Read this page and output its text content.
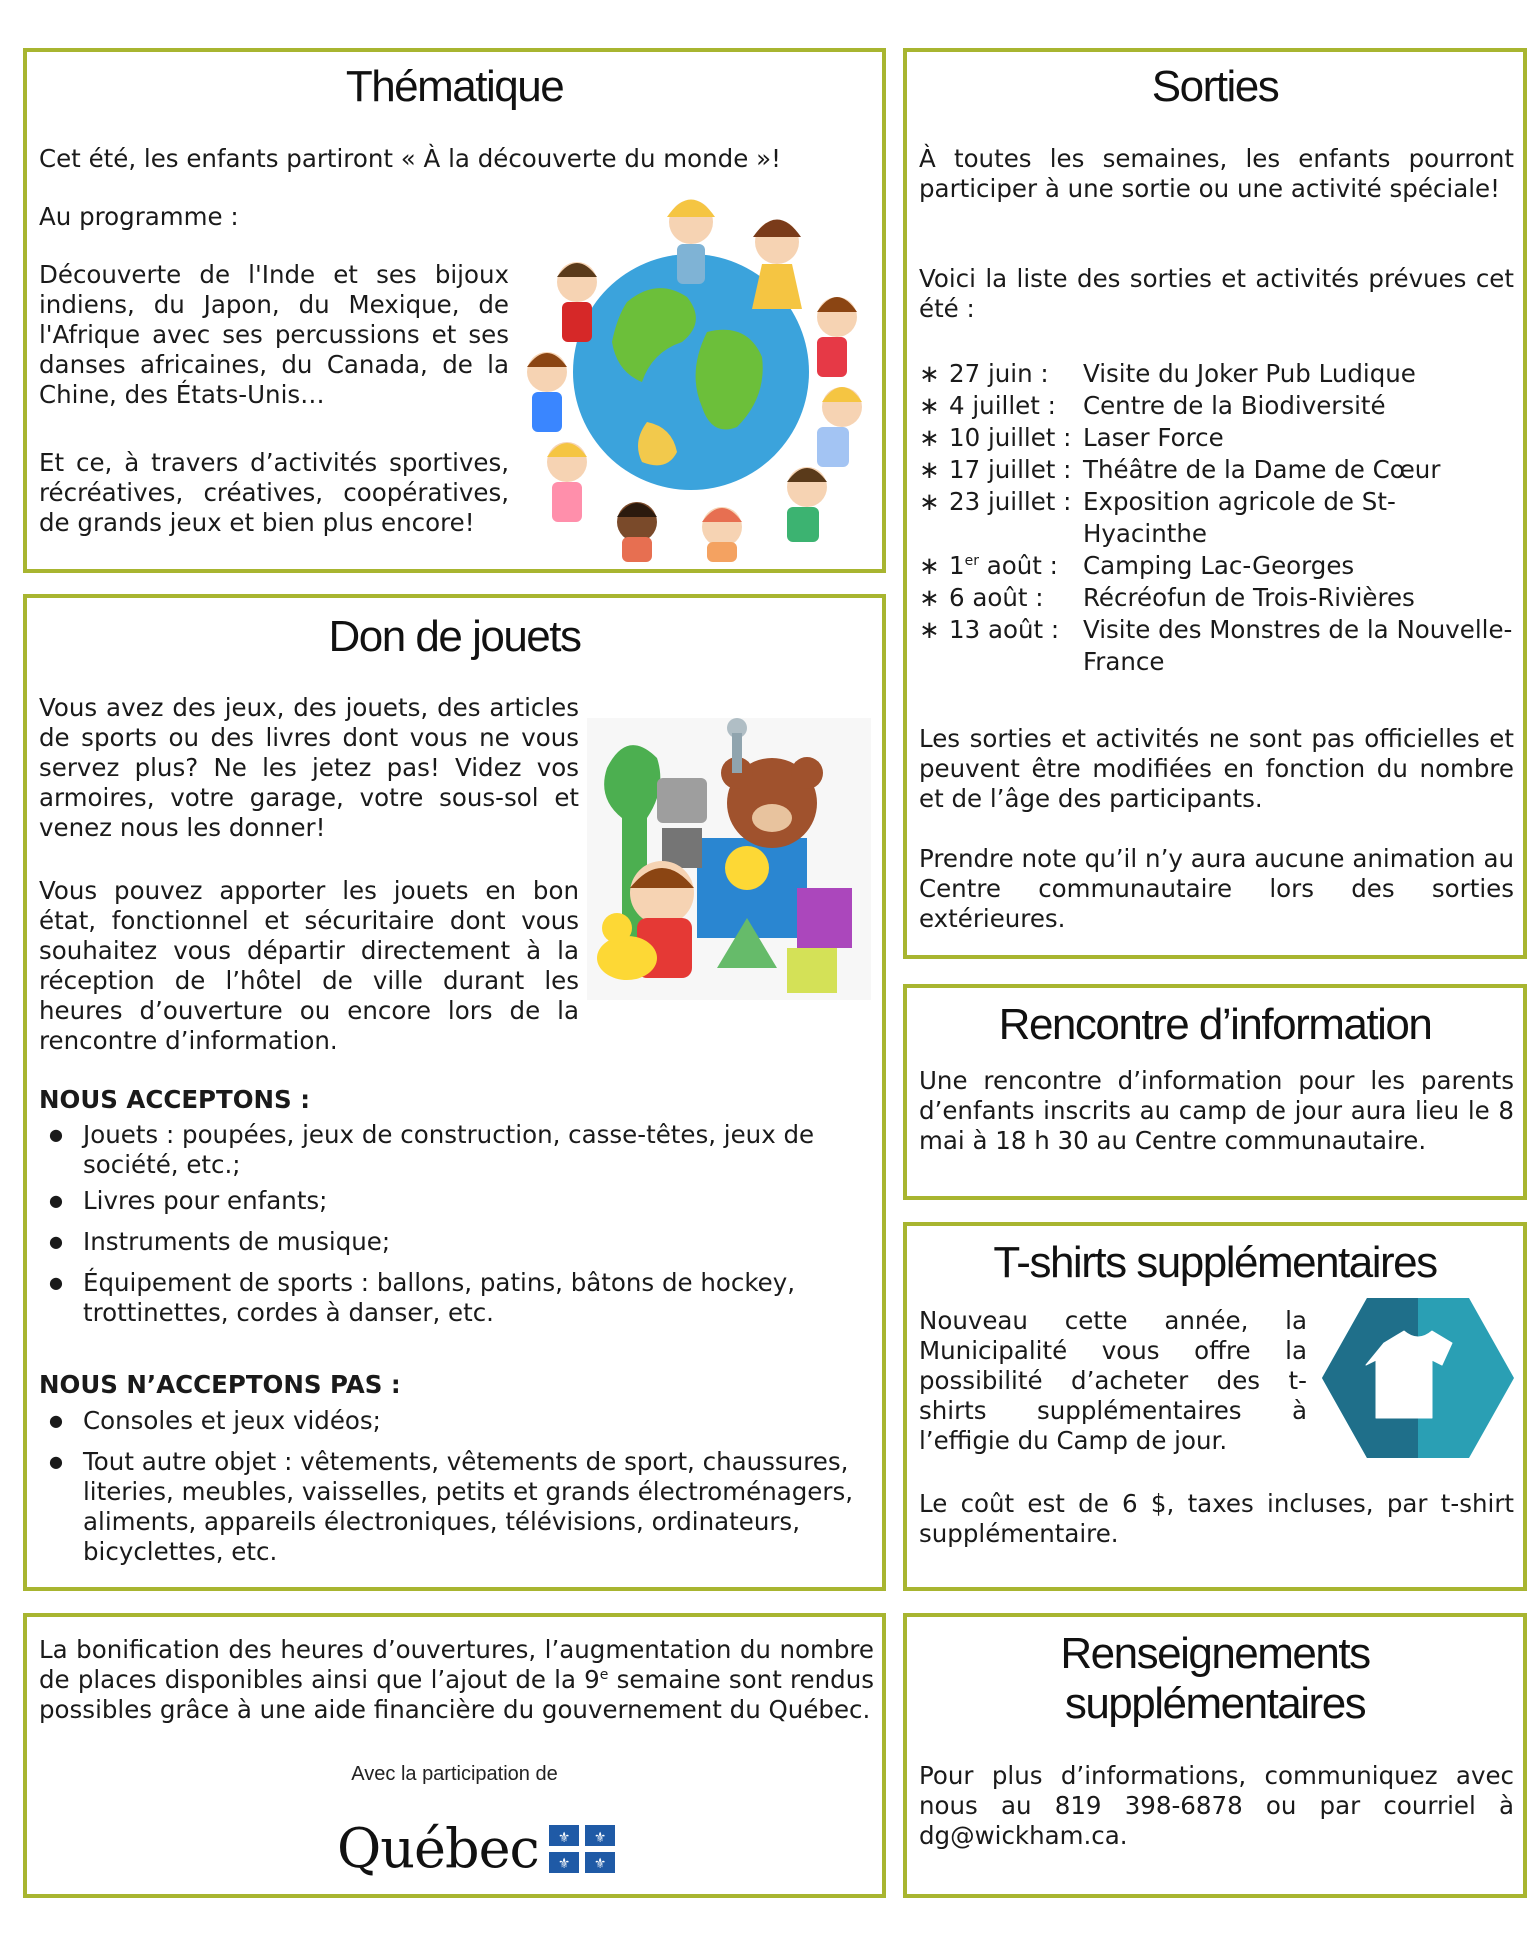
Thématique

Cet été, les enfants partiront « À la découverte du monde »!

Au programme :

Découverte de l'Inde et ses bijoux indiens, du Japon, du Mexique, de l'Afrique avec ses percussions et ses danses africaines, du Canada, de la Chine, des États-Unis…

Et ce, à travers d’activités sportives, récréatives, créatives, coopératives, de grands jeux et bien plus encore!

Sorties

À toutes les semaines, les enfants pourront participer à une sortie ou une activité spéciale!

Voici la liste des sorties et activités prévues cet été :

∗ 27 juin :	Visite du Joker Pub Ludique
∗ 4 juillet :	Centre de la Biodiversité
∗ 10 juillet : Laser Force
∗ 17 juillet : Théâtre de la Dame de Cœur
∗ 23 juillet : Exposition agricole de St-Hyacinthe
∗ 1er août :	Camping Lac-Georges
∗ 6 août :	Récréofun de Trois-Rivières
∗ 13 août : Visite des Monstres de la Nouvelle-France

Les sorties et activités ne sont pas officielles et peuvent être modifiées en fonction du nombre et de l’âge des participants.

Prendre note qu’il n’y aura aucune animation au Centre communautaire lors des sorties extérieures.

Don de jouets

Vous avez des jeux, des jouets, des articles de sports ou des livres dont vous ne vous servez plus? Ne les jetez pas! Videz vos armoires, votre garage, votre sous-sol et venez nous les donner!

Vous pouvez apporter les jouets en bon état, fonctionnel et sécuritaire dont vous souhaitez vous départir directement à la réception de l’hôtel de ville durant les heures d’ouverture ou encore lors de la rencontre d’information.

NOUS ACCEPTONS :

● Jouets : poupées, jeux de construction, casse-têtes, jeux de société, etc.;
● Livres pour enfants;
● Instruments de musique;
● Équipement de sports : ballons, patins, bâtons de hockey, trottinettes, cordes à danser, etc.

NOUS N’ACCEPTONS PAS :

● Consoles et jeux vidéos;
● Tout autre objet : vêtements, vêtements de sport, chaussures, literies, meubles, vaisselles, petits et grands électroménagers, aliments, appareils électroniques, télévisions, ordinateurs, bicyclettes, etc.
Rencontre d’information

Une rencontre d’information pour les parents d’enfants inscrits au camp de jour aura lieu le 8 mai à 18 h 30 au Centre communautaire.

T-shirts supplémentaires

Nouveau cette année, la Municipalité vous offre la possibilité d’acheter des t-shirts supplémentaires à l’effigie du Camp de jour.

Le coût est de 6 $, taxes incluses, par t-shirt supplémentaire.

La bonification des heures d’ouvertures, l’augmentation du nombre de places disponibles ainsi que l’ajout de la 9e semaine sont rendus possibles grâce à une aide financière du gouvernement du Québec.

Avec la participation de

Québec ⚜ ⚜
⚜ ⚜
Renseignements
supplémentaires

Pour plus d’informations, communiquez avec nous au 819 398-6878 ou par courriel à dg@wickham.ca.
